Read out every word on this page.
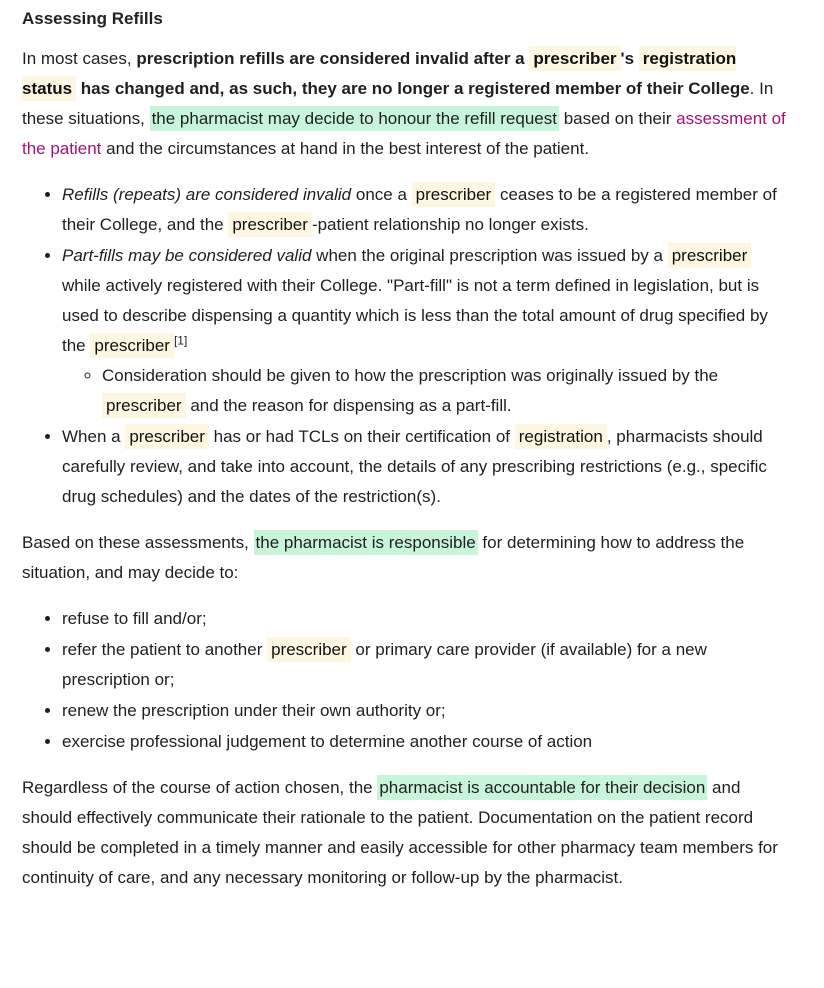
Assessing Refills

In most cases, prescription refills are considered invalid after a prescriber 's registration status has changed and, as such, they are no longer a registered member of their College. In these situations, the pharmacist may decide to honour the refill request based on their assessment of the patient and the circumstances at hand in the best interest of the patient.

• Refills (repeats) are considered invalid once a prescriber ceases to be a registered member of their College, and the prescriber -patient relationship no longer exists.
• Part-fills may be considered valid when the original prescription was issued by a prescriber while actively registered with their College. "Part-fill" is not a term defined in legislation, but is used to describe dispensing a quantity which is less than the total amount of drug specified by the prescriber [1]
◦ Consideration should be given to how the prescription was originally issued by the prescriber and the reason for dispensing as a part-fill.
• When a prescriber has or had TCLs on their certification of registration , pharmacists should carefully review, and take into account, the details of any prescribing restrictions (e.g., specific drug schedules) and the dates of the restriction(s).

Based on these assessments, the pharmacist is responsible for determining how to address the situation, and may decide to:

• refuse to fill and/or;
• refer the patient to another prescriber or primary care provider (if available) for a new prescription or;
• renew the prescription under their own authority or;
• exercise professional judgement to determine another course of action

Regardless of the course of action chosen, the pharmacist is accountable for their decision and should effectively communicate their rationale to the patient. Documentation on the patient record should be completed in a timely manner and easily accessible for other pharmacy team members for continuity of care, and any necessary monitoring or follow-up by the pharmacist.
